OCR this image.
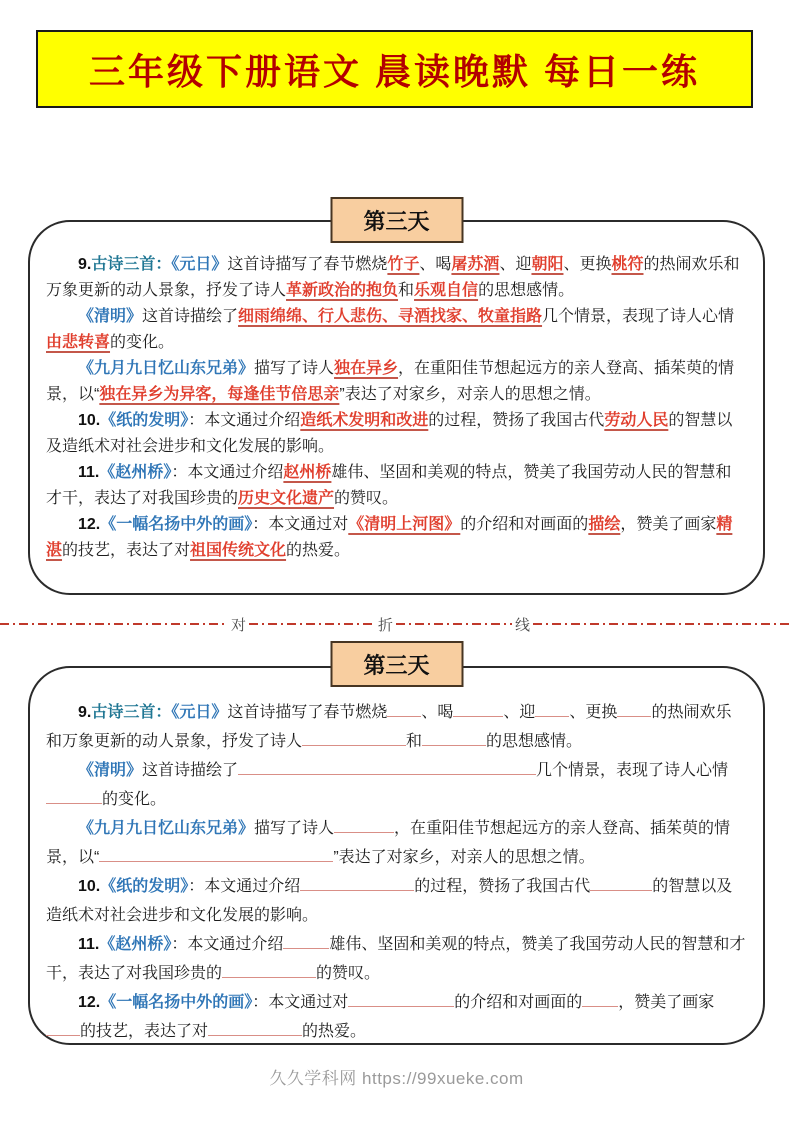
三年级下册语文 晨读晚默 每日一练
第三天

9.古诗三首：《元日》这首诗描写了春节燃烧竹子、喝屠苏酒、迎朝阳、更换桃符的热闹欢乐和万象更新的动人景象，抒发了诗人革新政治的抱负和乐观自信的思想感情。

《清明》这首诗描绘了细雨绵绵、行人悲伤、寻酒找家、牧童指路几个情景，表现了诗人心情由悲转喜的变化。

《九月九日忆山东兄弟》描写了诗人独在异乡，在重阳佳节想起远方的亲人登高、插茱萸的情景，以“独在异乡为异客，每逢佳节倍思亲”表达了对家乡，对亲人的思想之情。

10.《纸的发明》：本文通过介绍造纸术发明和改进的过程，赞扬了我国古代劳动人民的智慧以及造纸术对社会进步和文化发展的影响。

11.《赵州桥》：本文通过介绍赵州桥雄伟、坚固和美观的特点，赞美了我国劳动人民的智慧和才干，表达了对我国珍贵的历史文化遗产的赞叹。

12.《一幅名扬中外的画》：本文通过对《清明上河图》的介绍和对画面的描绘，赞美了画家精湛的技艺，表达了对祖国传统文化的热爱。

对	折	线
第三天

9.古诗三首：《元日》这首诗描写了春节燃烧 、喝	、迎 、更换 的热闹欢乐和万象更新的动人景象，抒发了诗人	和	的思想感情。

《清明》这首诗描绘了	几个情景，表现了诗人心情的变化。

《九月九日忆山东兄弟》描写了诗人	，在重阳佳节想起远方的亲人登高、插茱萸的情景，以“	”表达了对家乡，对亲人的思想之情。

10.《纸的发明》：本文通过介绍	的过程，赞扬了我国古代	的智慧以及造纸术对社会进步和文化发展的影响。

11.《赵州桥》：本文通过介绍	雄伟、坚固和美观的特点，赞美了我国劳动人民的智慧和才干，表达了对我国珍贵的	的赞叹。

12.《一幅名扬中外的画》：本文通过对	的介绍和对画面的 ，赞美了画家的技艺，表达了对	的热爱。

久久学科网 https://99xueke.com
